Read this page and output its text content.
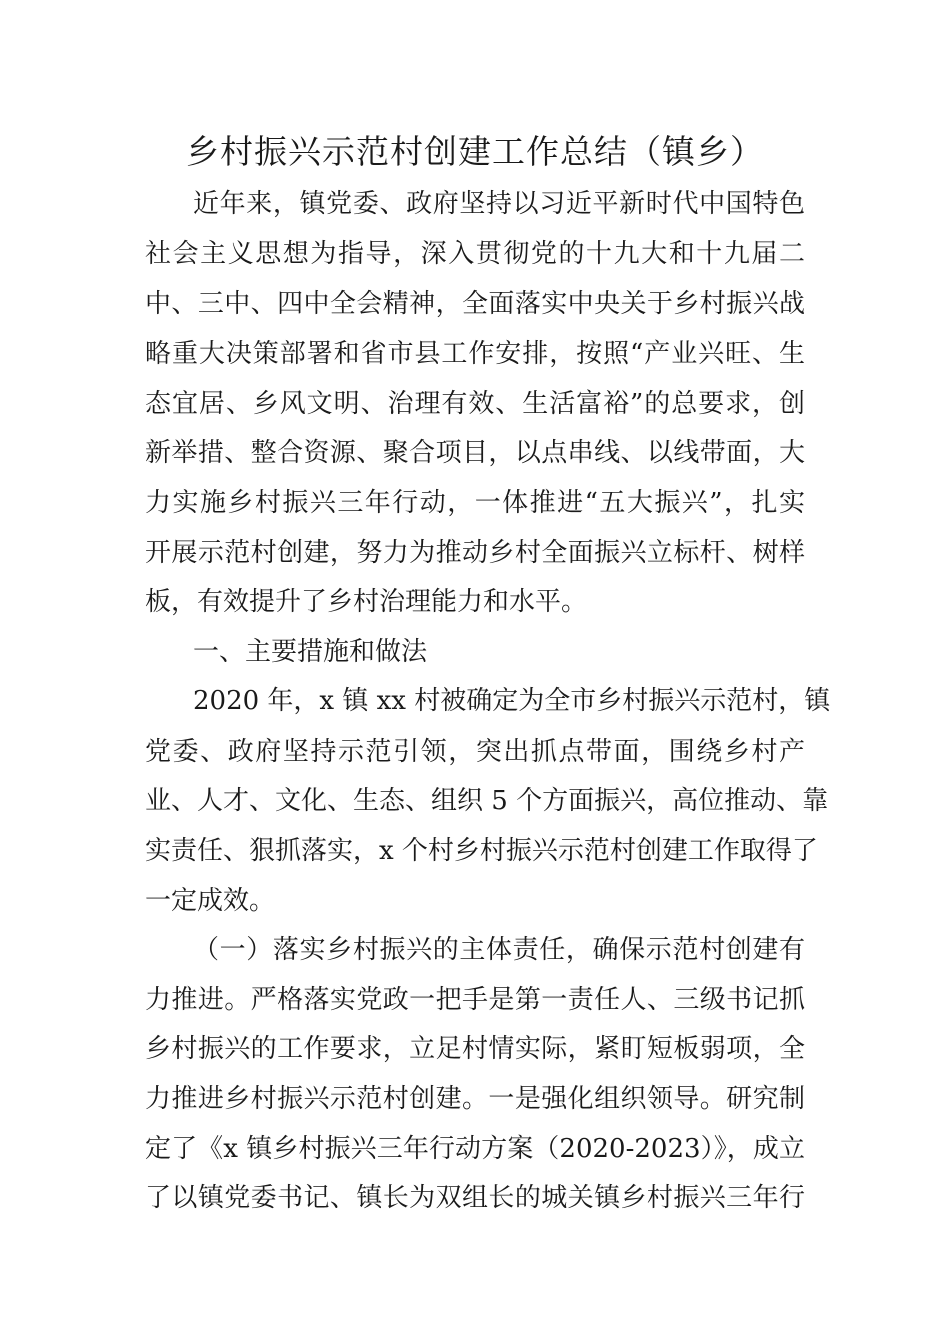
乡村振兴示范村创建工作总结（镇乡）
近年来，镇党委、政府坚持以习近平新时代中国特色
社会主义思想为指导，深入贯彻党的十九大和十九届二
中、三中、四中全会精神，全面落实中央关于乡村振兴战
略重大决策部署和省市县工作安排，按照“产业兴旺、生
态宜居、乡风文明、治理有效、生活富裕”的总要求，创
新举措、整合资源、聚合项目，以点串线、以线带面，大
力实施乡村振兴三年行动，一体推进“五大振兴”，扎实
开展示范村创建，努力为推动乡村全面振兴立标杆、树样
板，有效提升了乡村治理能力和水平。
一、主要措施和做法
2020 年，x 镇 xx 村被确定为全市乡村振兴示范村，镇
党委、政府坚持示范引领，突出抓点带面，围绕乡村产
业、人才、文化、生态、组织 5 个方面振兴，高位推动、靠
实责任、狠抓落实，x 个村乡村振兴示范村创建工作取得了
一定成效。
（一）落实乡村振兴的主体责任，确保示范村创建有
力推进。严格落实党政一把手是第一责任人、三级书记抓
乡村振兴的工作要求，立足村情实际，紧盯短板弱项，全
力推进乡村振兴示范村创建。一是强化组织领导。研究制
定了《x 镇乡村振兴三年行动方案（2020-2023）》，成立
了以镇党委书记、镇长为双组长的城关镇乡村振兴三年行
